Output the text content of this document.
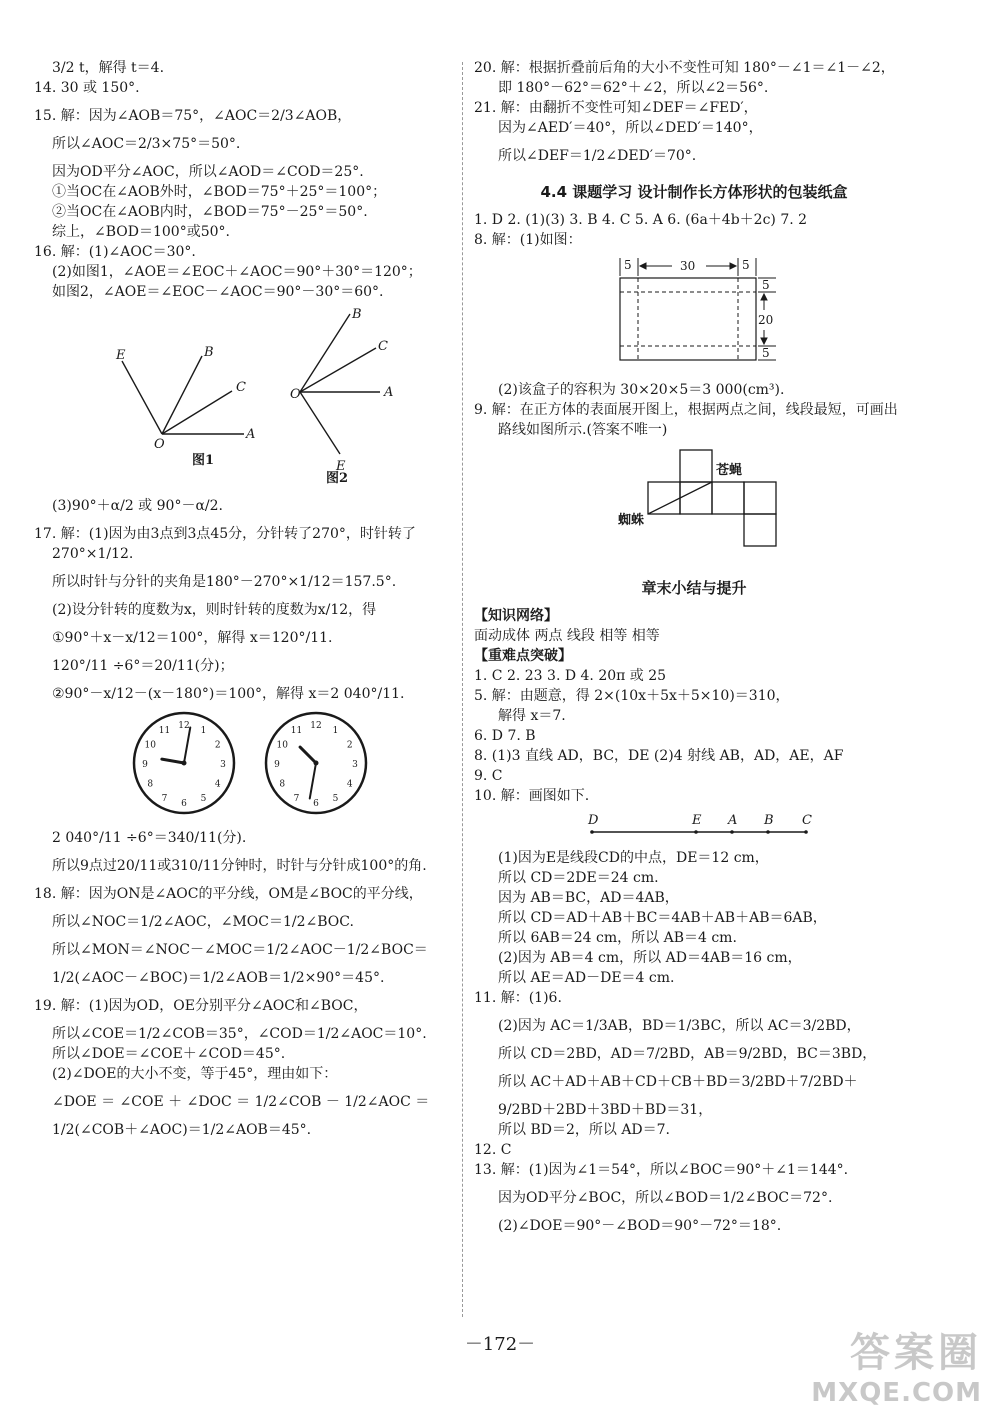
3/2 t，解得 t＝4.

14. 30 或 150°.

15. 解：因为∠AOB＝75°，∠AOC＝2/3∠AOB，

所以∠AOC＝2/3×75°＝50°.

因为OD平分∠AOC，所以∠AOD＝∠COD＝25°.

①当OC在∠AOB外时，∠BOD＝75°＋25°＝100°；

②当OC在∠AOB内时，∠BOD＝75°－25°＝50°.

综上，∠BOD＝100°或50°.

16. 解：(1)∠AOC＝30°.

(2)如图1，∠AOE＝∠EOC＋∠AOC＝90°＋30°＝120°；

如图2，∠AOE＝∠EOC－∠AOC＝90°－30°＝60°.

O
A
E	B
C	O
B
C
A
E
图1
图2

(3)90°＋α/2 或 90°－α/2.

17. 解：(1)因为由3点到3点45分，分针转了270°，时针转了

270°×1/12.

所以时针与分针的夹角是180°－270°×1/12＝157.5°.

(2)设分针转的度数为x，则时针转的度数为x/12，得

①90°＋x－x/12＝100°，解得 x＝120°/11.

120°/11 ÷6°＝20/11(分)；

②90°－x/12－(x－180°)＝100°，解得 x＝2 040°/11.

12
1
2
3
4
5
6
7
8
9
10
11
12
1
2
3
4
5
6
7
8
9
10
11

2 040°/11 ÷6°＝340/11(分).

所以9点过20/11或310/11分钟时，时针与分针成100°的角.

18. 解：因为ON是∠AOC的平分线，OM是∠BOC的平分线，

所以∠NOC＝1/2∠AOC，∠MOC＝1/2∠BOC.

所以∠MON＝∠NOC－∠MOC＝1/2∠AOC－1/2∠BOC＝

1/2(∠AOC－∠BOC)＝1/2∠AOB＝1/2×90°＝45°.

19. 解：(1)因为OD，OE分别平分∠AOC和∠BOC，

所以∠COE＝1/2∠COB＝35°，∠COD＝1/2∠AOC＝10°.

所以∠DOE＝∠COE＋∠COD＝45°.

(2)∠DOE的大小不变，等于45°，理由如下：

∠DOE ＝ ∠COE ＋ ∠DOC ＝ 1/2∠COB － 1/2∠AOC ＝

1/2(∠COB＋∠AOC)＝1/2∠AOB＝45°.

20. 解：根据折叠前后角的大小不变性可知 180°－∠1＝∠1－∠2，

即 180°－62°＝62°＋∠2，所以∠2＝56°.

21. 解：由翻折不变性可知∠DEF＝∠FED′，

因为∠AED′＝40°，所以∠DED′＝140°，

所以∠DEF＝1/2∠DED′＝70°.

4.4 课题学习 设计制作长方体形状的包装纸盒

1. D 2. (1)(3) 3. B 4. C 5. A 6. (6a＋4b＋2c) 7. 2

8. 解：(1)如图：

5	30	5
5
20
5

(2)该盒子的容积为 30×20×5＝3 000(cm³).

9. 解：在正方体的表面展开图上，根据两点之间，线段最短，可画出

路线如图所示.(答案不唯一)

苍蝇
蜘蛛

章末小结与提升

【知识网络】

面动成体 两点 线段 相等 相等

【重难点突破】

1. C 2. 23 3. D 4. 20π 或 25

5. 解：由题意，得 2×(10x＋5x＋5×10)＝310，

解得 x＝7.

6. D 7. B

8. (1)3 直线 AD，BC，DE (2)4 射线 AB，AD，AE，AF

9. C

10. 解：画图如下.

D	E A B C

(1)因为E是线段CD的中点，DE＝12 cm，

所以 CD＝2DE＝24 cm.

因为 AB＝BC，AD＝4AB，

所以 CD＝AD＋AB＋BC＝4AB＋AB＋AB＝6AB，

所以 6AB＝24 cm，所以 AB＝4 cm.

(2)因为 AB＝4 cm，所以 AD＝4AB＝16 cm，

所以 AE＝AD－DE＝4 cm.

11. 解：(1)6.

(2)因为 AC＝1/3AB，BD＝1/3BC，所以 AC＝3/2BD，

所以 CD＝2BD，AD＝7/2BD，AB＝9/2BD，BC＝3BD，

所以 AC＋AD＋AB＋CD＋CB＋BD＝3/2BD＋7/2BD＋

9/2BD＋2BD＋3BD＋BD＝31，

所以 BD＝2，所以 AD＝7.

12. C

13. 解：(1)因为∠1＝54°，所以∠BOC＝90°＋∠1＝144°.

因为OD平分∠BOC，所以∠BOD＝1/2∠BOC＝72°.

(2)∠DOE＝90°－∠BOD＝90°－72°＝18°.

－172－	答案圈
MXQE.COM
